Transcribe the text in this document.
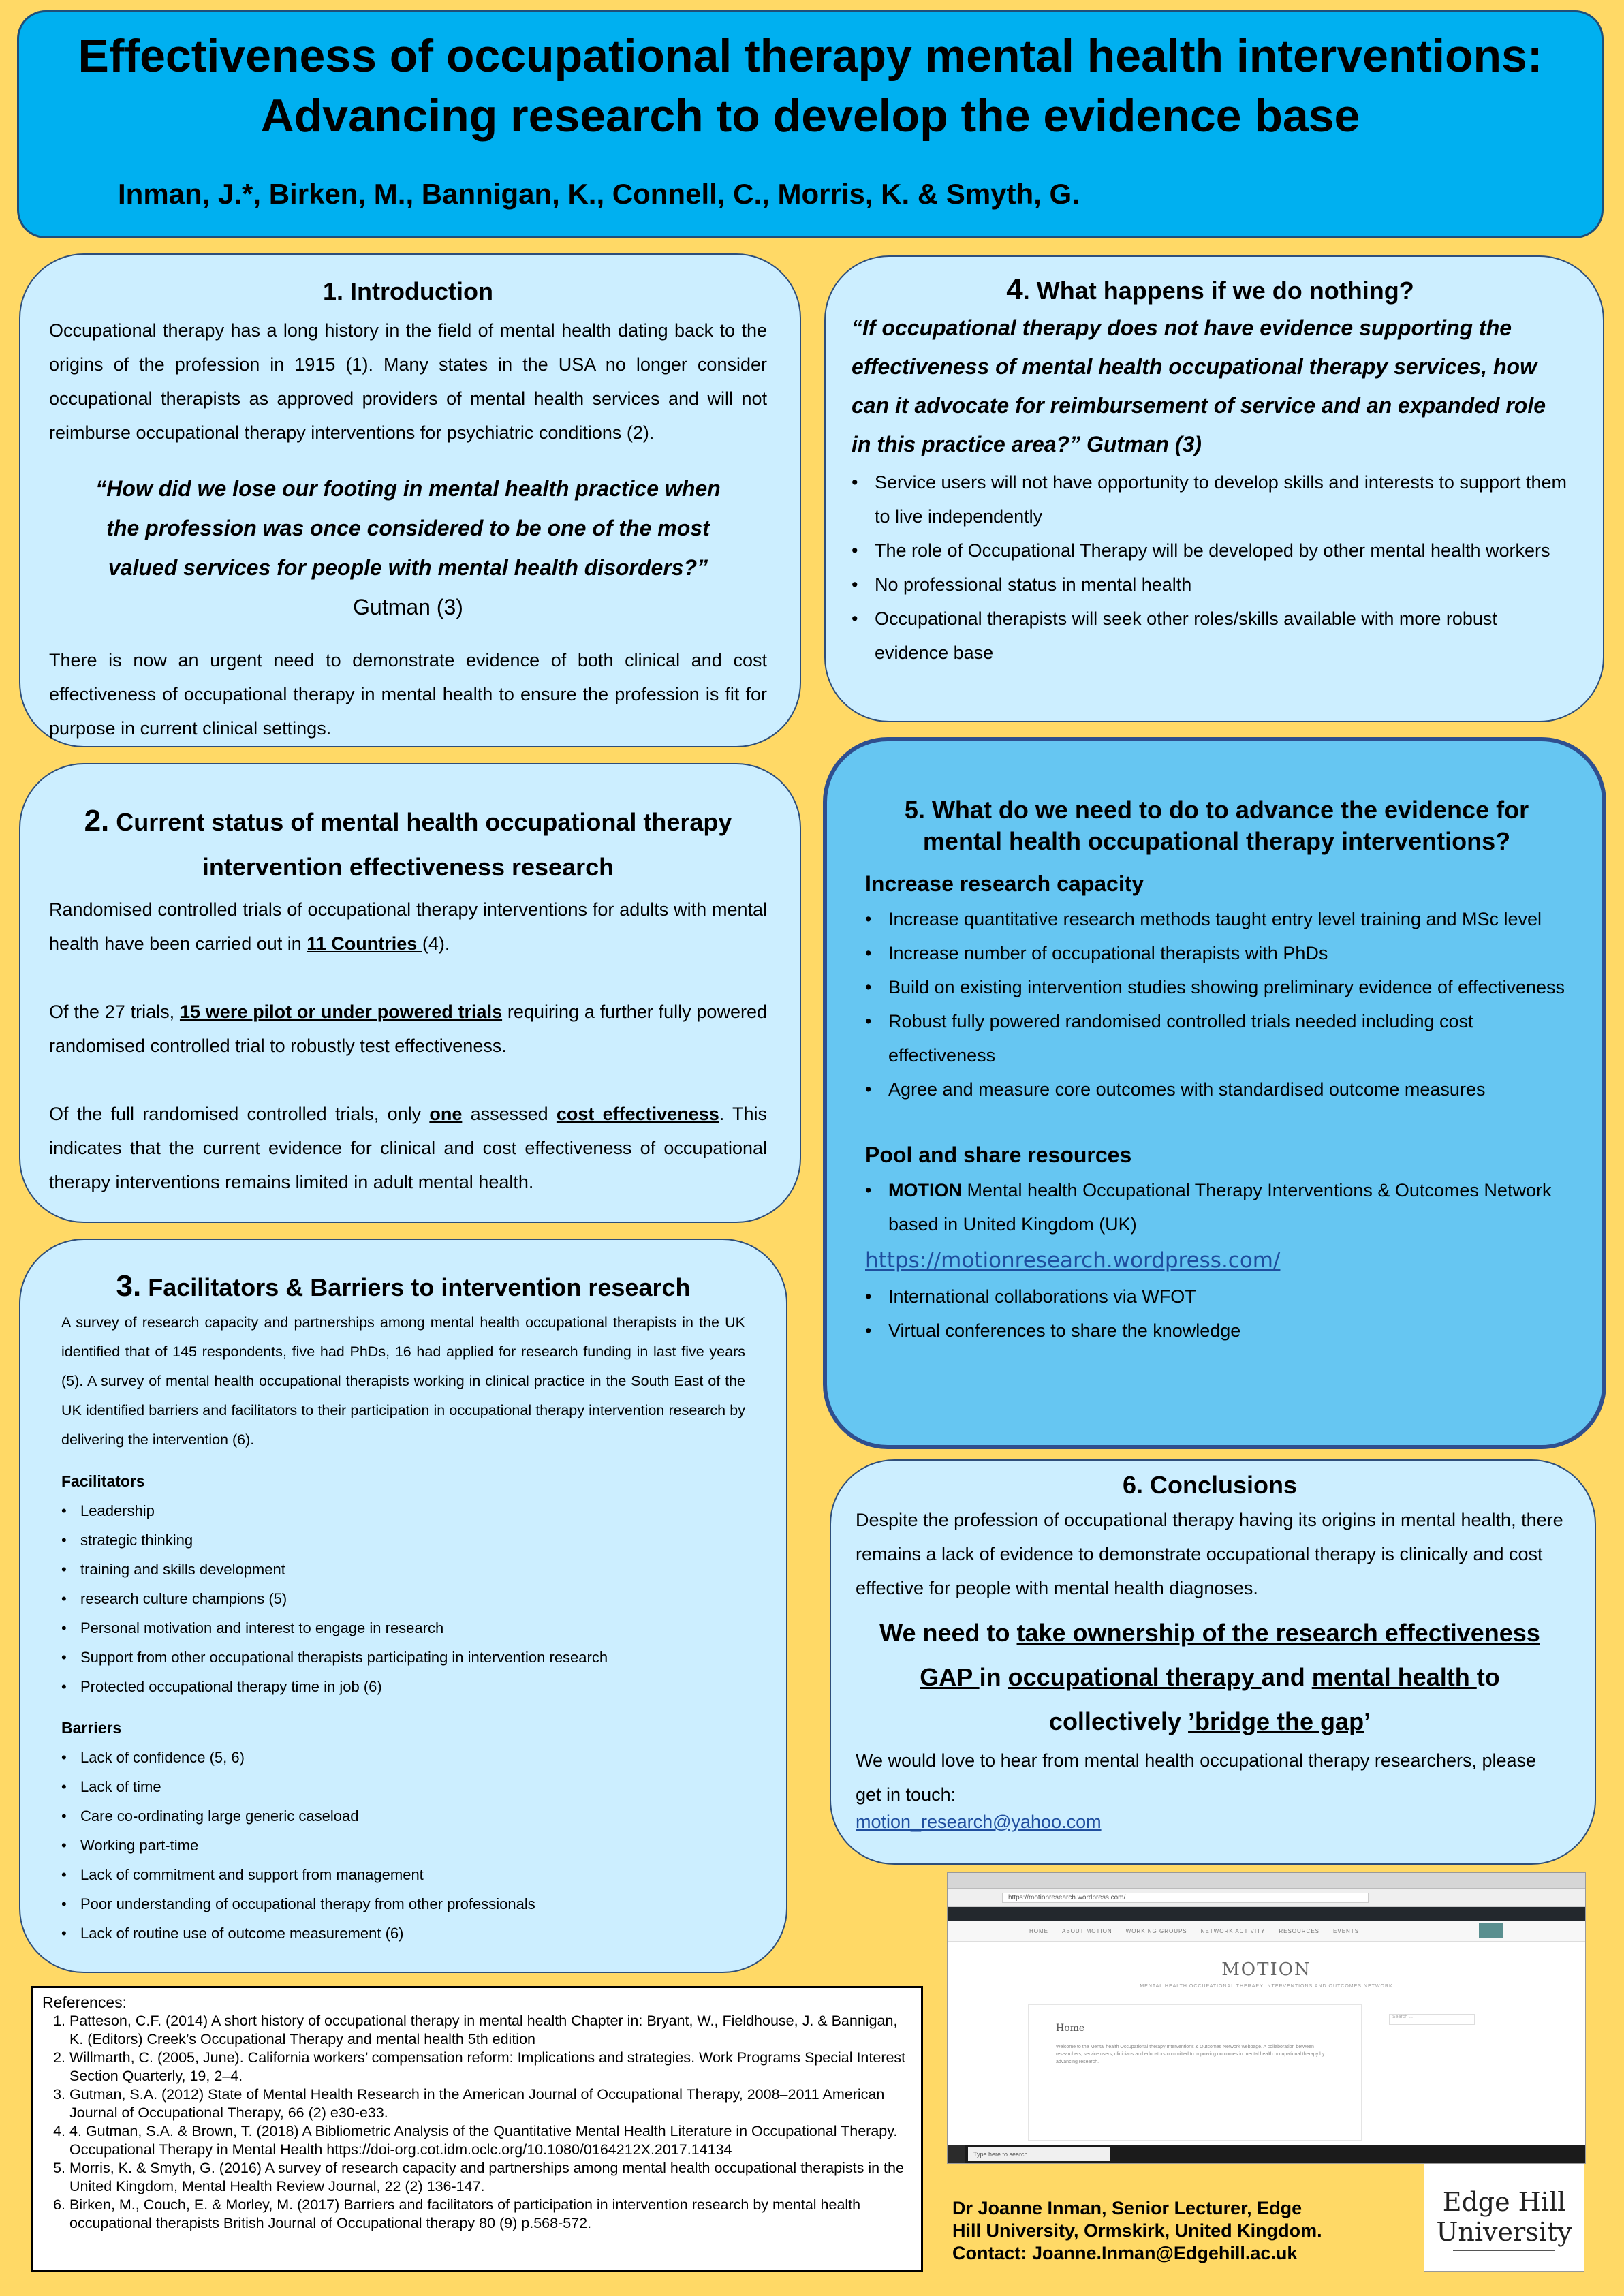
Effectiveness of occupational therapy mental health interventions:
Advancing research to develop the evidence base
Inman, J.*, Birken, M., Bannigan, K., Connell, C., Morris, K. & Smyth, G.

1. Introduction

Occupational therapy has a long history in the field of mental health dating back to the origins of the profession in 1915 (1). Many states in the USA no longer consider occupational therapists as approved providers of mental health services and will not reimburse occupational therapy interventions for psychiatric conditions (2).

“How did we lose our footing in mental health practice when the profession was once considered to be one of the most valued services for people with mental health disorders?” Gutman (3)

There is now an urgent need to demonstrate evidence of both clinical and cost effectiveness of occupational therapy in mental health to ensure the profession is fit for purpose in current clinical settings.

2. Current status of mental health occupational therapy
intervention effectiveness research

Randomised controlled trials of occupational therapy interventions for adults with mental health have been carried out in 11 Countries (4).

Of the 27 trials, 15 were pilot or under powered trials requiring a further fully powered randomised controlled trial to robustly test effectiveness.

Of the full randomised controlled trials, only one assessed cost effectiveness. This indicates that the current evidence for clinical and cost effectiveness of occupational therapy interventions remains limited in adult mental health.

3. Facilitators & Barriers to intervention research

A survey of research capacity and partnerships among mental health occupational therapists in the UK identified that of 145 respondents, five had PhDs, 16 had applied for research funding in last five years (5). A survey of mental health occupational therapists working in clinical practice in the South East of the UK identified barriers and facilitators to their participation in occupational therapy intervention research by delivering the intervention (6).

Facilitators

• Leadership
• strategic thinking
• training and skills development
• research culture champions (5)
• Personal motivation and interest to engage in research
• Support from other occupational therapists participating in intervention research
• Protected occupational therapy time in job (6)

Barriers

• Lack of confidence (5, 6)
• Lack of time
• Care co-ordinating large generic caseload
• Working part-time
• Lack of commitment and support from management
• Poor understanding of occupational therapy from other professionals
• Lack of routine use of outcome measurement (6)

4. What happens if we do nothing?

“If occupational therapy does not have evidence supporting the effectiveness of mental health occupational therapy services, how can it advocate for reimbursement of service and an expanded role in this practice area?” Gutman (3)

• Service users will not have opportunity to develop skills and interests to support them to live independently
• The role of Occupational Therapy will be developed by other mental health workers
• No professional status in mental health
• Occupational therapists will seek other roles/skills available with more robust evidence base

5. What do we need to do to advance the evidence for
mental health occupational therapy interventions?

Increase research capacity

• Increase quantitative research methods taught entry level training and MSc level
• Increase number of occupational therapists with PhDs
• Build on existing intervention studies showing preliminary evidence of effectiveness
• Robust fully powered randomised controlled trials needed including cost effectiveness
• Agree and measure core outcomes with standardised outcome measures

Pool and share resources

• MOTION Mental health Occupational Therapy Interventions & Outcomes Network based in United Kingdom (UK)
https://motionresearch.wordpress.com/
• International collaborations via WFOT
• Virtual conferences to share the knowledge

6. Conclusions

Despite the profession of occupational therapy having its origins in mental health, there remains a lack of evidence to demonstrate occupational therapy is clinically and cost effective for people with mental health diagnoses.

We need to take ownership of the research effectiveness GAP in occupational therapy and mental health to collectively ’bridge the gap’

We would love to hear from mental health occupational therapy researchers, please get in touch:

motion_research@yahoo.com

References:

1. Patteson, C.F. (2014) A short history of occupational therapy in mental health Chapter in: Bryant, W., Fieldhouse, J. & Bannigan, K. (Editors) Creek’s Occupational Therapy and mental health 5th edition
2. Willmarth, C. (2005, June). California workers’ compensation reform: Implications and strategies. Work Programs Special Interest Section Quarterly, 19, 2–4.
3. Gutman, S.A. (2012) State of Mental Health Research in the American Journal of Occupational Therapy, 2008–2011 American Journal of Occupational Therapy, 66 (2) e30-e33.
4. 4. Gutman, S.A. & Brown, T. (2018) A Bibliometric Analysis of the Quantitative Mental Health Literature in Occupational Therapy. Occupational Therapy in Mental Health https://doi-org.cot.idm.oclc.org/10.1080/0164212X.2017.14134
5. Morris, K. & Smyth, G. (2016) A survey of research capacity and partnerships among mental health occupational therapists in the United Kingdom, Mental Health Review Journal, 22 (2) 136-147.
6. Birken, M., Couch, E. & Morley, M. (2017) Barriers and facilitators of participation in intervention research by mental health occupational therapists British Journal of Occupational therapy 80 (9) p.568-572.
https://motionresearch.wordpress.com/
HOME	ABOUT MOTION	WORKING GROUPS	NETWORK ACTIVITY	RESOURCES	EVENTS
MOTION
MENTAL HEALTH OCCUPATIONAL THERAPY INTERVENTIONS AND OUTCOMES NETWORK
Home
Welcome to the Mental health Occupational therapy Interventions & Outcomes Network webpage. A collaboration between researchers, service users, clinicians and educators committed to improving outcomes in mental health occupational therapy by advancing research.
Search ...
Type here to search
Dr Joanne Inman, Senior Lecturer, Edge
Hill University, Ormskirk, United Kingdom.
Contact: Joanne.Inman@Edgehill.ac.uk
Edge Hill
University
